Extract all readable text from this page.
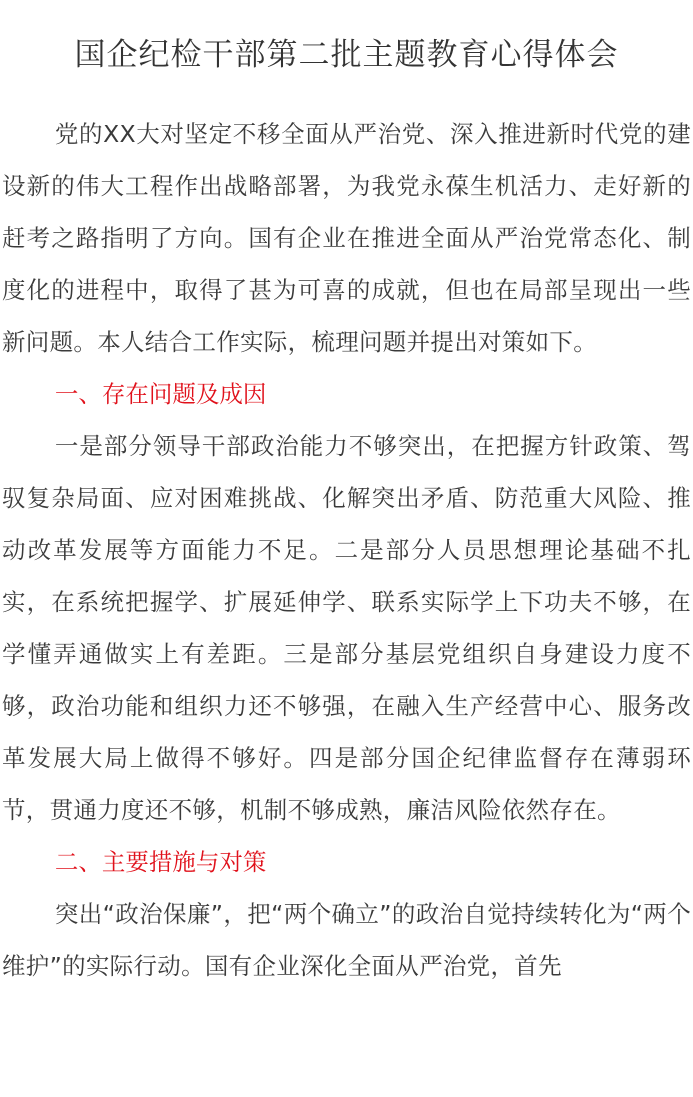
国企纪检干部第二批主题教育心得体会

党的XX大对坚定不移全面从严治党、深入推进新时代党的建设新的伟大工程作出战略部署，为我党永葆生机活力、走好新的赶考之路指明了方向。国有企业在推进全面从严治党常态化、制度化的进程中，取得了甚为可喜的成就，但也在局部呈现出一些新问题。本人结合工作实际，梳理问题并提出对策如下。

一、存在问题及成因

一是部分领导干部政治能力不够突出，在把握方针政策、驾驭复杂局面、应对困难挑战、化解突出矛盾、防范重大风险、推动改革发展等方面能力不足。二是部分人员思想理论基础不扎实，在系统把握学、扩展延伸学、联系实际学上下功夫不够，在学懂弄通做实上有差距。三是部分基层党组织自身建设力度不够，政治功能和组织力还不够强，在融入生产经营中心、服务改革发展大局上做得不够好。四是部分国企纪律监督存在薄弱环节，贯通力度还不够，机制不够成熟，廉洁风险依然存在。

二、主要措施与对策

突出“政治保廉”，把“两个确立”的政治自觉持续转化为“两个维护”的实际行动。国有企业深化全面从严治党，首先
